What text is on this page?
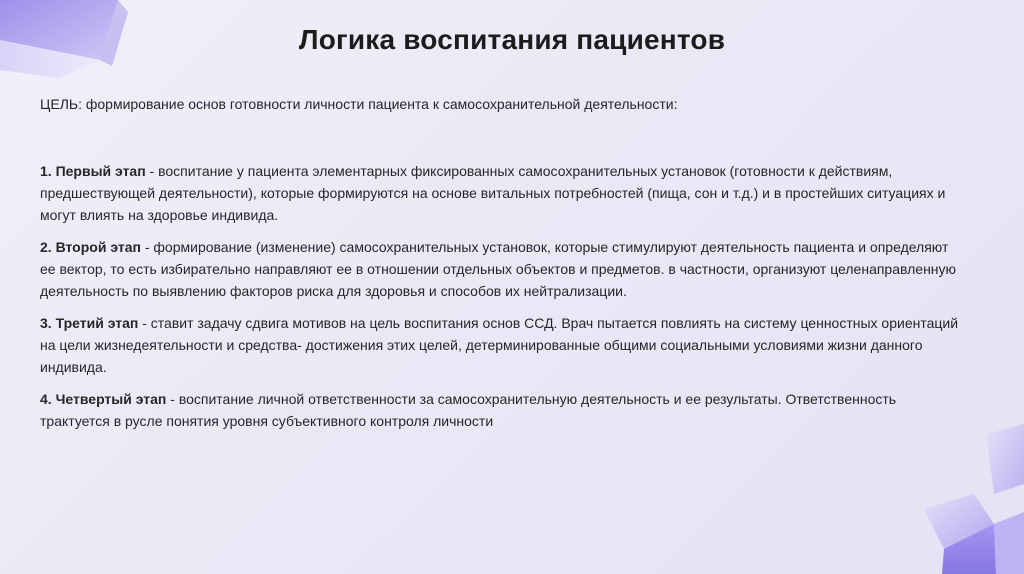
Логика воспитания пациентов

ЦЕЛЬ: формирование основ готовности личности пациента к самосохранительной деятельности:

1. Первый этап - воспитание у пациента элементарных фиксированных самосохранительных установок (готовности к действиям, предшествующей деятельности), которые формируются на основе витальных потребностей (пища, сон и т.д.) и в простейших ситуациях и могут влиять на здоровье индивида.

2. Второй этап - формирование (изменение) самосохранительных установок, которые стимулируют деятельность пациента и определяют ее вектор, то есть избирательно направляют ее в отношении отдельных объектов и предметов. в частности, организуют целенаправленную деятельность по выявлению факторов риска для здоровья и способов их нейтрализации.

3. Третий этап - ставит задачу сдвига мотивов на цель воспитания основ ССД. Врач пытается повлиять на систему ценностных ориентаций на цели жизнедеятельности и средства- достижения этих целей, детерминированные общими социальными условиями жизни данного индивида.

4. Четвертый этап - воспитание личной ответственности за самосохранительную деятельность и ее результаты. Ответственность трактуется в русле понятия уровня субъективного контроля личности
